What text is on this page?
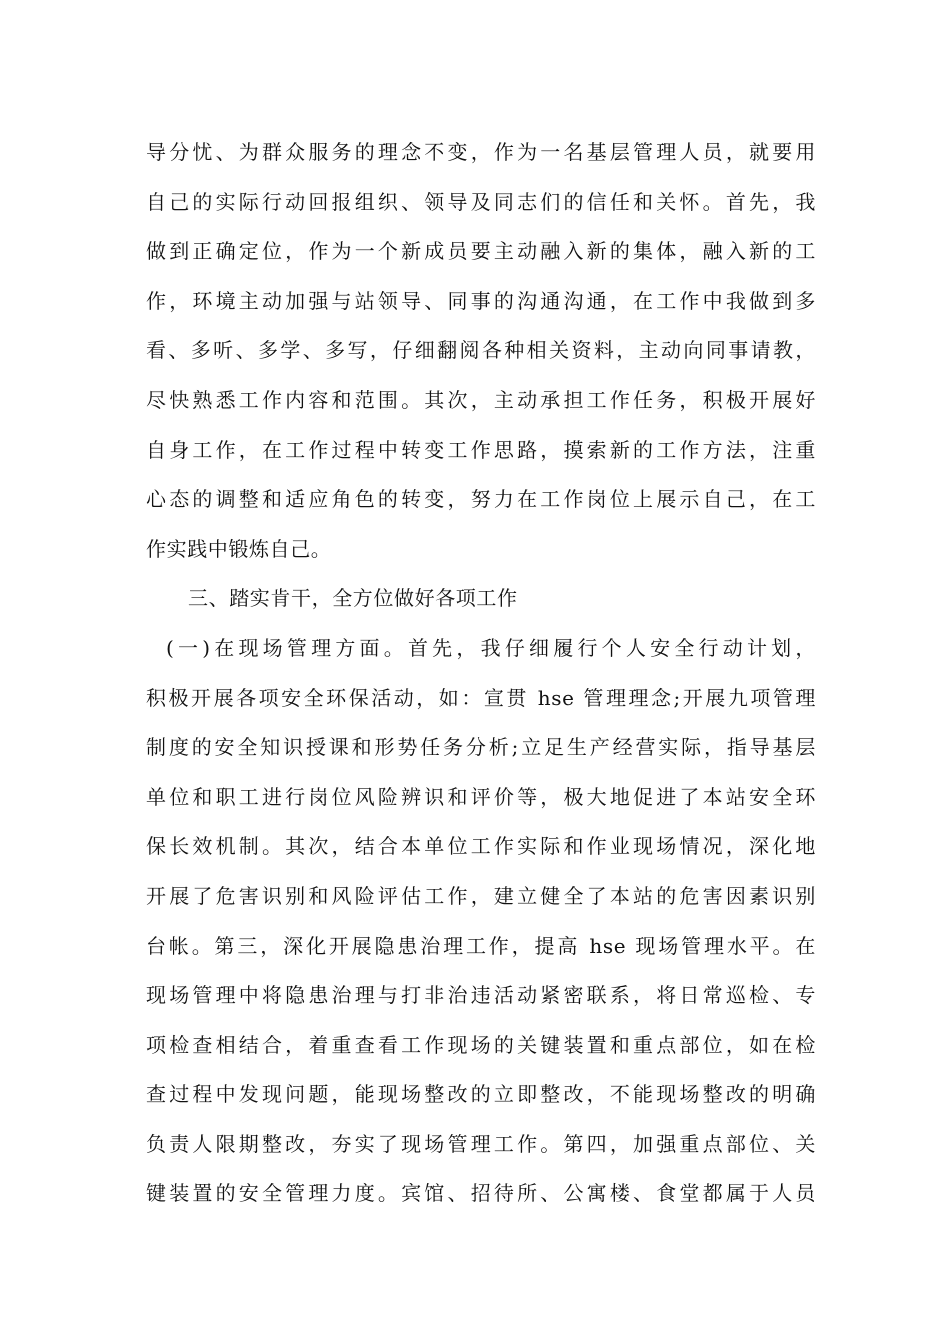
导分忧、为群众服务的理念不变，作为一名基层管理人员，就要用
自己的实际行动回报组织、领导及同志们的信任和关怀。首先，我
做到正确定位，作为一个新成员要主动融入新的集体，融入新的工
作，环境主动加强与站领导、同事的沟通沟通，在工作中我做到多
看、多听、多学、多写，仔细翻阅各种相关资料，主动向同事请教，
尽快熟悉工作内容和范围。其次，主动承担工作任务，积极开展好
自身工作，在工作过程中转变工作思路，摸索新的工作方法，注重
心态的调整和适应角色的转变，努力在工作岗位上展示自己，在工
作实践中锻炼自己。
三、踏实肯干，全方位做好各项工作
(一)在现场管理方面。首先，我仔细履行个人安全行动计划，
积极开展各项安全环保活动，如：宣贯 hse 管理理念;开展九项管理
制度的安全知识授课和形势任务分析;立足生产经营实际，指导基层
单位和职工进行岗位风险辨识和评价等，极大地促进了本站安全环
保长效机制。其次，结合本单位工作实际和作业现场情况，深化地
开展了危害识别和风险评估工作，建立健全了本站的危害因素识别
台帐。第三，深化开展隐患治理工作，提高 hse 现场管理水平。在
现场管理中将隐患治理与打非治违活动紧密联系，将日常巡检、专
项检查相结合，着重查看工作现场的关键装置和重点部位，如在检
查过程中发现问题，能现场整改的立即整改，不能现场整改的明确
负责人限期整改，夯实了现场管理工作。第四，加强重点部位、关
键装置的安全管理力度。宾馆、招待所、公寓楼、食堂都属于人员
